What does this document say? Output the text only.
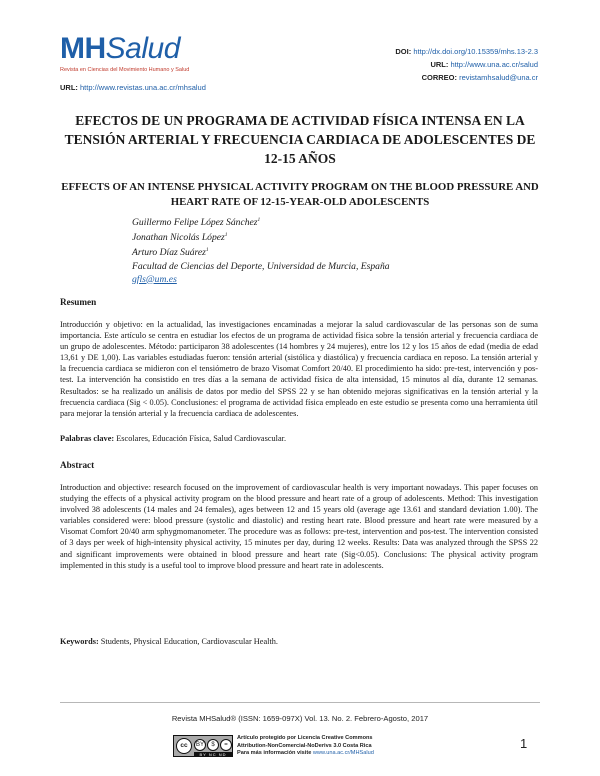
MHSalud
Revista en Ciencias del Movimiento Humano y Salud
URL: http://www.revistas.una.ac.cr/mhsalud
DOI: http://dx.doi.org/10.15359/mhs.13-2.3
URL: http://www.una.ac.cr/salud
CORREO: revistamhsalud@una.cr
EFECTOS DE UN PROGRAMA DE ACTIVIDAD FÍSICA INTENSA EN LA TENSIÓN ARTERIAL Y FRECUENCIA CARDIACA DE ADOLESCENTES DE 12-15 AÑOS
EFFECTS OF AN INTENSE PHYSICAL ACTIVITY PROGRAM ON THE BLOOD PRESSURE AND HEART RATE OF 12-15-YEAR-OLD ADOLESCENTS
Guillermo Felipe López Sánchez$^1$
Jonathan Nicolás López$^1$
Arturo Díaz Suárez$^1$
Facultad de Ciencias del Deporte, Universidad de Murcia, España
gfls@um.es
Resumen
Introducción y objetivo: en la actualidad, las investigaciones encaminadas a mejorar la salud cardiovascular de las personas son de suma importancia. Este artículo se centra en estudiar los efectos de un programa de actividad física sobre la tensión arterial y frecuencia cardiaca de un grupo de adolescentes. Método: participaron 38 adolescentes (14 hombres y 24 mujeres), entre los 12 y los 15 años de edad (media de edad 13,61 y DE 1,00). Las variables estudiadas fueron: tensión arterial (sistólica y diastólica) y frecuencia cardiaca en reposo. La tensión arterial y la frecuencia cardiaca se midieron con el tensiómetro de brazo Visomat Comfort 20/40. El procedimiento ha sido: pre-test, intervención y pos-test. La intervención ha consistido en tres días a la semana de actividad física de alta intensidad, 15 minutos al día, durante 12 semanas. Resultados: se ha realizado un análisis de datos por medio del SPSS 22 y se han obtenido mejoras significativas en la tensión arterial y la frecuencia cardiaca (Sig < 0.05). Conclusiones: el programa de actividad física empleado en este estudio se presenta como una herramienta útil para mejorar la tensión arterial y la frecuencia cardiaca de adolescentes.
Palabras clave: Escolares, Educación Física, Salud Cardiovascular.
Abstract
Introduction and objective: research focused on the improvement of cardiovascular health is very important nowadays. This paper focuses on studying the effects of a physical activity program on the blood pressure and heart rate of a group of adolescents. Method: This investigation involved 38 adolescents (14 males and 24 females), ages between 12 and 15 years old (average age 13.61 and standard deviation 1.00). The variables considered were: blood pressure (systolic and diastolic) and resting heart rate. Blood pressure and heart rate were measured by a Visomat Comfort 20/40 arm sphygmomanometer. The procedure was as follows: pre-test, intervention and pos-test. The intervention consisted of 3 days per week of high-intensity physical activity, 15 minutes per day, during 12 weeks. Results: Data was analyzed through the SPSS 22 and significant improvements were obtained in blood pressure and heart rate (Sig<0.05). Conclusions: The physical activity program implemented in this study is a useful tool to improve blood pressure and heart rate in adolescents.
Keywords: Students, Physical Education, Cardiovascular Health.
Revista MHSalud® (ISSN: 1659-097X) Vol. 13. No. 2. Febrero-Agosto, 2017
cc	BY	$	=
BY NC ND
Artículo protegido por Licencia Creative Commons
Attribution-NonComercial-NoDerivs 3.0 Costa Rica
Para más información visite www.una.ac.cr/MHSalud
1
